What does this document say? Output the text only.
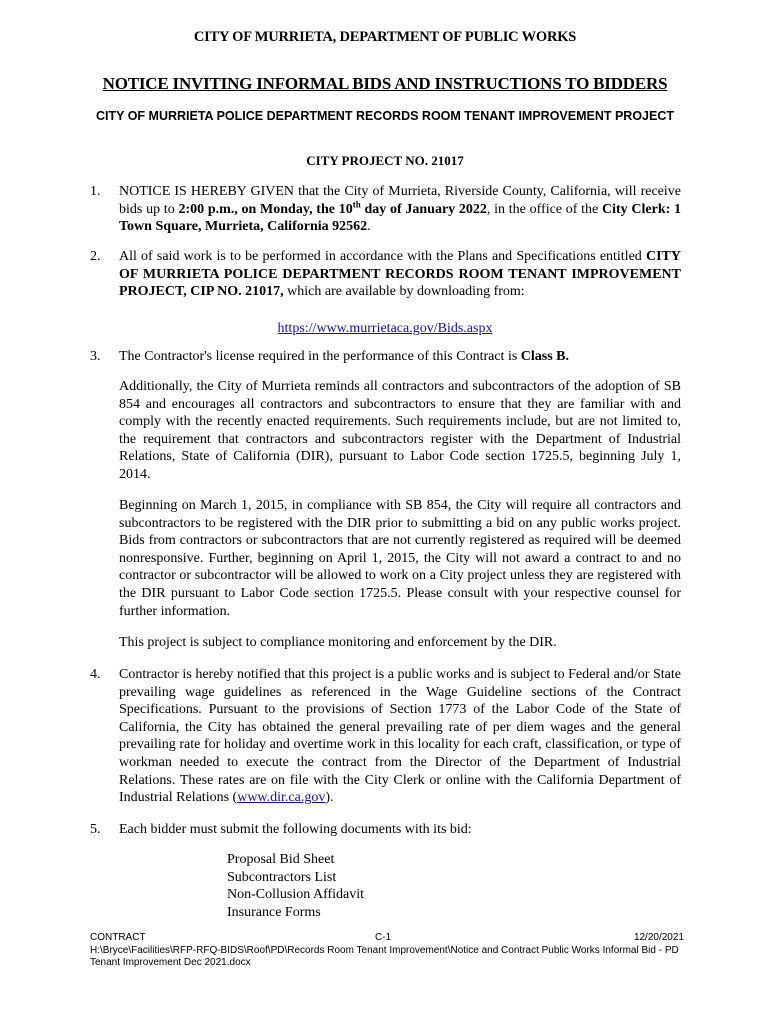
CITY OF MURRIETA, DEPARTMENT OF PUBLIC WORKS
NOTICE INVITING INFORMAL BIDS AND INSTRUCTIONS TO BIDDERS
CITY OF MURRIETA POLICE DEPARTMENT RECORDS ROOM TENANT IMPROVEMENT PROJECT
CITY PROJECT NO. 21017
1.	NOTICE IS HEREBY GIVEN that the City of Murrieta, Riverside County, California, will receive bids up to 2:00 p.m., on Monday, the 10th day of January 2022, in the office of the City Clerk: 1 Town Square, Murrieta, California 92562.
2.	All of said work is to be performed in accordance with the Plans and Specifications entitled CITY OF MURRIETA POLICE DEPARTMENT RECORDS ROOM TENANT IMPROVEMENT PROJECT, CIP NO. 21017, which are available by downloading from:
https://www.murrietaca.gov/Bids.aspx
3.	The Contractor's license required in the performance of this Contract is Class B.
Additionally, the City of Murrieta reminds all contractors and subcontractors of the adoption of SB 854 and encourages all contractors and subcontractors to ensure that they are familiar with and comply with the recently enacted requirements. Such requirements include, but are not limited to, the requirement that contractors and subcontractors register with the Department of Industrial Relations, State of California (DIR), pursuant to Labor Code section 1725.5, beginning July 1, 2014.
Beginning on March 1, 2015, in compliance with SB 854, the City will require all contractors and subcontractors to be registered with the DIR prior to submitting a bid on any public works project. Bids from contractors or subcontractors that are not currently registered as required will be deemed nonresponsive. Further, beginning on April 1, 2015, the City will not award a contract to and no contractor or subcontractor will be allowed to work on a City project unless they are registered with the DIR pursuant to Labor Code section 1725.5. Please consult with your respective counsel for further information.
This project is subject to compliance monitoring and enforcement by the DIR.
4.	Contractor is hereby notified that this project is a public works and is subject to Federal and/or State prevailing wage guidelines as referenced in the Wage Guideline sections of the Contract Specifications. Pursuant to the provisions of Section 1773 of the Labor Code of the State of California, the City has obtained the general prevailing rate of per diem wages and the general prevailing rate for holiday and overtime work in this locality for each craft, classification, or type of workman needed to execute the contract from the Director of the Department of Industrial Relations. These rates are on file with the City Clerk or online with the California Department of Industrial Relations (www.dir.ca.gov).
5.	Each bidder must submit the following documents with its bid:
Proposal Bid Sheet
Subcontractors List
Non-Collusion Affidavit
Insurance Forms
CONTRACT	C-1	12/20/2021
H:\Bryce\Facilities\RFP-RFQ-BIDS\Roof\PD\Records Room Tenant Improvement\Notice and Contract Public Works Informal Bid - PD Tenant Improvement Dec 2021.docx
